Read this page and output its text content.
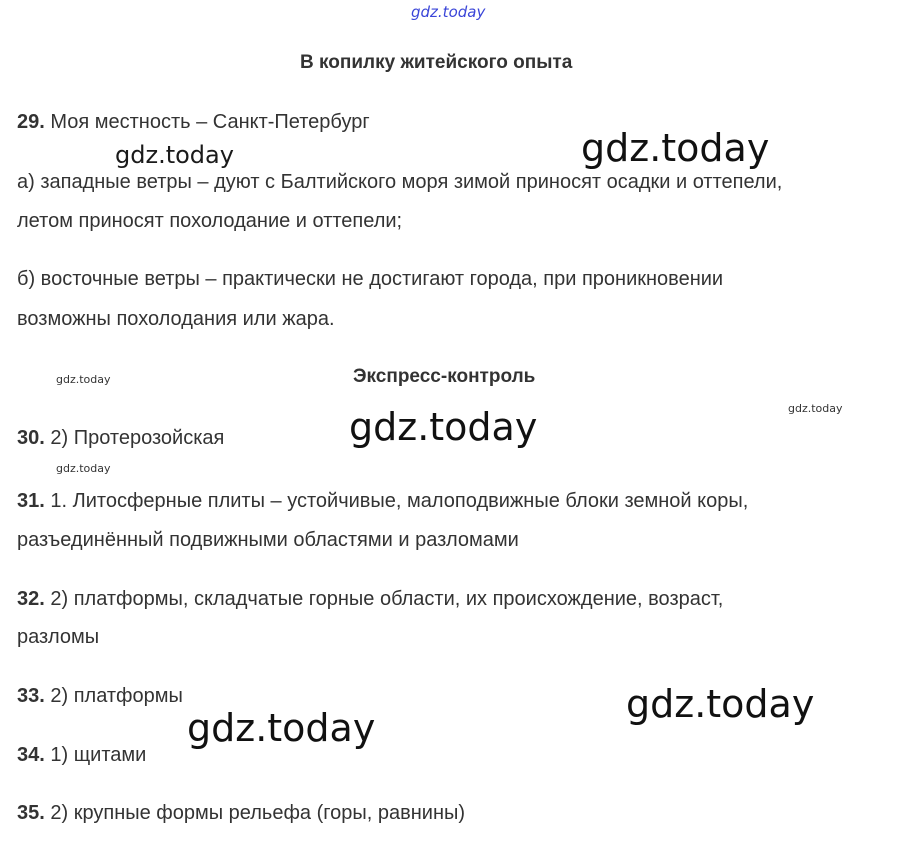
gdz.today
gdz.today
gdz.today
gdz.today
gdz.today	gdz.today
gdz.today
gdz.today
gdz.today
В копилку житейского опыта
29. Моя местность – Санкт-Петербург
а) западные ветры – дуют с Балтийского моря зимой приносят осадки и оттепели,
летом приносят похолодание и оттепели;
б) восточные ветры – практически не достигают города, при проникновении
возможны похолодания или жара.
Экспресс-контроль
30. 2) Протерозойская
31. 1. Литосферные плиты – устойчивые, малоподвижные блоки земной коры,
разъединённый подвижными областями и разломами
32. 2) платформы, складчатые горные области, их происхождение, возраст,
разломы
33. 2) платформы
34. 1) щитами
35. 2) крупные формы рельефа (горы, равнины)
